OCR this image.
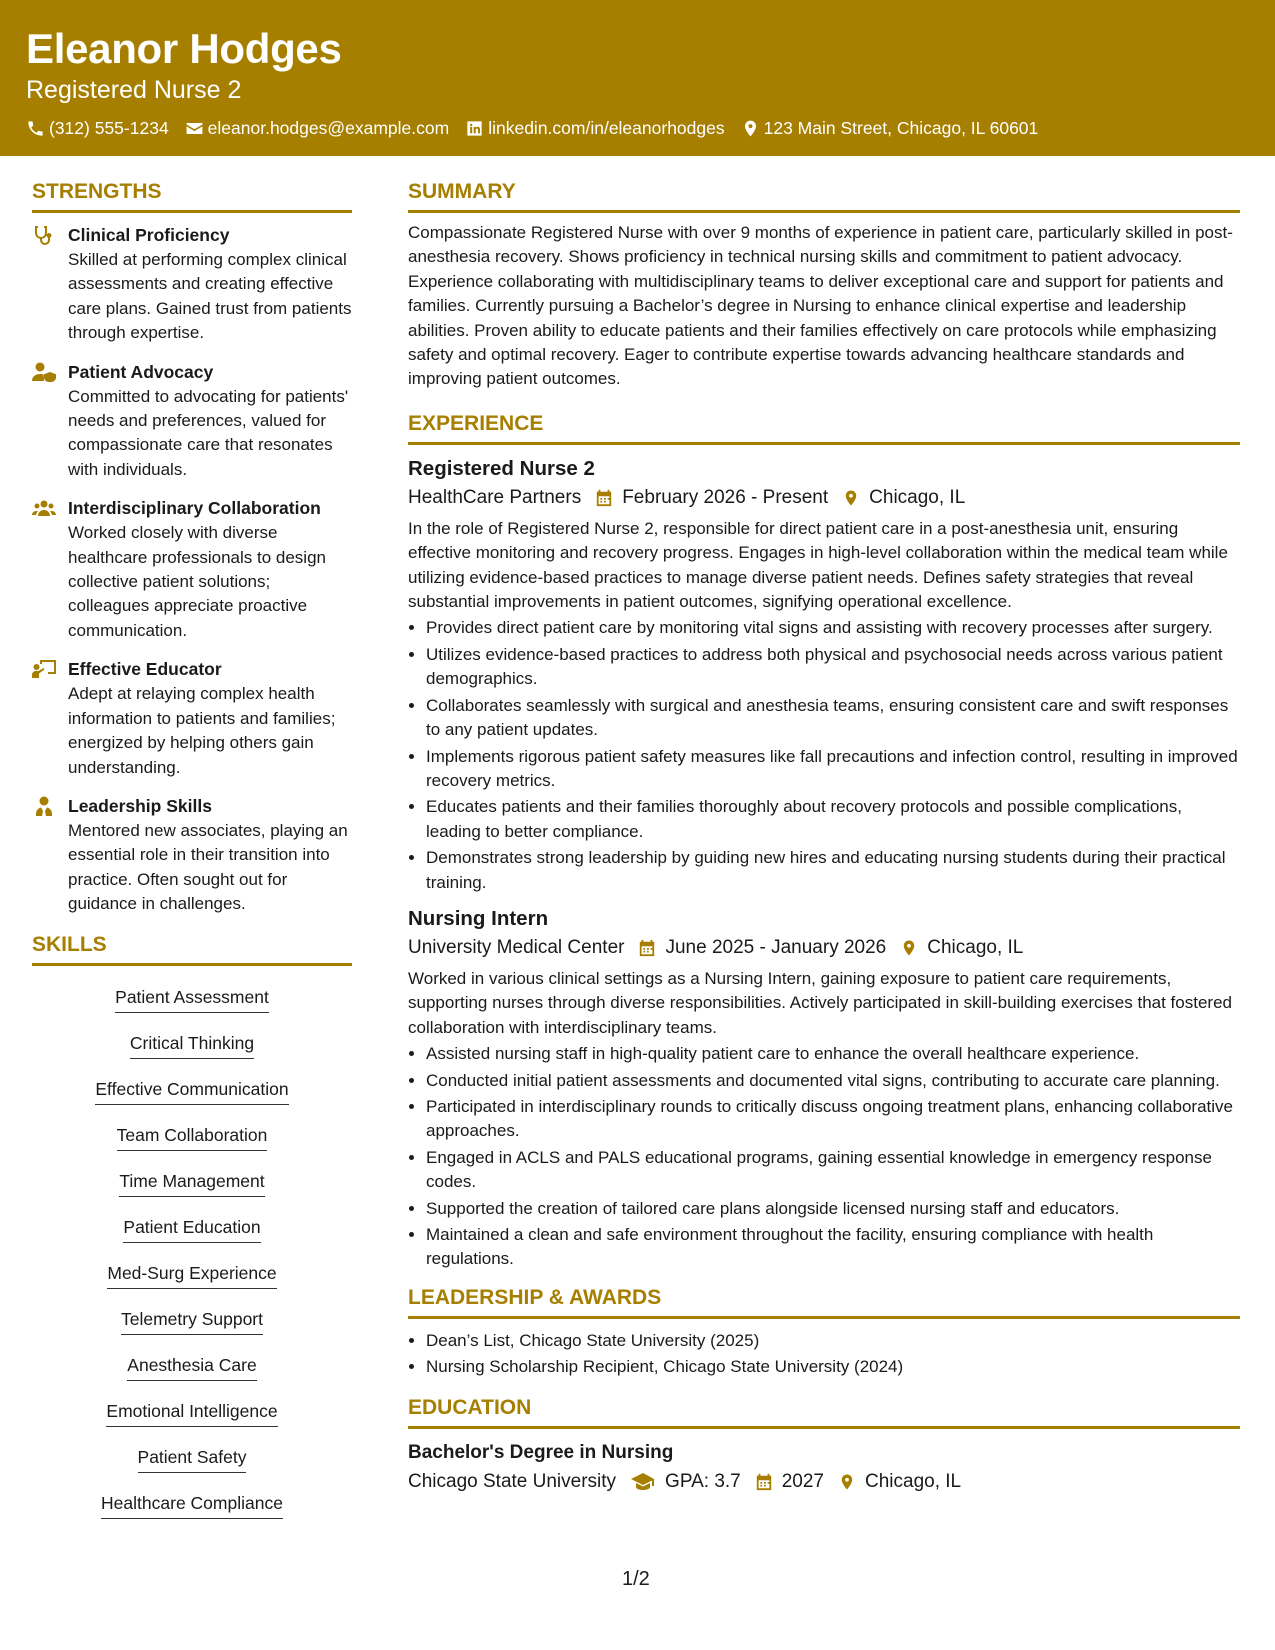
Eleanor Hodges
Registered Nurse 2
(312) 555-1234 eleanor.hodges@example.com linkedin.com/in/eleanorhodges 123 Main Street, Chicago, IL 60601
STRENGTHS
Clinical Proficiency
Skilled at performing complex clinical assessments and creating effective care plans. Gained trust from patients through expertise.
Patient Advocacy
Committed to advocating for patients' needs and preferences, valued for compassionate care that resonates with individuals.
Interdisciplinary Collaboration
Worked closely with diverse healthcare professionals to design collective patient solutions; colleagues appreciate proactive communication.
Effective Educator
Adept at relaying complex health information to patients and families; energized by helping others gain understanding.
Leadership Skills
Mentored new associates, playing an essential role in their transition into practice. Often sought out for guidance in challenges.
SKILLS
Patient Assessment
Critical Thinking
Effective Communication
Team Collaboration
Time Management
Patient Education
Med-Surg Experience
Telemetry Support
Anesthesia Care
Emotional Intelligence
Patient Safety
Healthcare Compliance
SUMMARY
Compassionate Registered Nurse with over 9 months of experience in patient care, particularly skilled in post-anesthesia recovery. Shows proficiency in technical nursing skills and commitment to patient advocacy. Experience collaborating with multidisciplinary teams to deliver exceptional care and support for patients and families. Currently pursuing a Bachelor’s degree in Nursing to enhance clinical expertise and leadership abilities. Proven ability to educate patients and their families effectively on care protocols while emphasizing safety and optimal recovery. Eager to contribute expertise towards advancing healthcare standards and improving patient outcomes.
EXPERIENCE
Registered Nurse 2
HealthCare Partners February 2026 - Present Chicago, IL
In the role of Registered Nurse 2, responsible for direct patient care in a post-anesthesia unit, ensuring effective monitoring and recovery progress. Engages in high-level collaboration within the medical team while utilizing evidence-based practices to manage diverse patient needs. Defines safety strategies that reveal substantial improvements in patient outcomes, signifying operational excellence.
• Provides direct patient care by monitoring vital signs and assisting with recovery processes after surgery.
• Utilizes evidence-based practices to address both physical and psychosocial needs across various patient demographics.
• Collaborates seamlessly with surgical and anesthesia teams, ensuring consistent care and swift responses to any patient updates.
• Implements rigorous patient safety measures like fall precautions and infection control, resulting in improved recovery metrics.
• Educates patients and their families thoroughly about recovery protocols and possible complications, leading to better compliance.
• Demonstrates strong leadership by guiding new hires and educating nursing students during their practical training.
Nursing Intern
University Medical Center June 2025 - January 2026 Chicago, IL
Worked in various clinical settings as a Nursing Intern, gaining exposure to patient care requirements, supporting nurses through diverse responsibilities. Actively participated in skill-building exercises that fostered collaboration with interdisciplinary teams.
• Assisted nursing staff in high-quality patient care to enhance the overall healthcare experience.
• Conducted initial patient assessments and documented vital signs, contributing to accurate care planning.
• Participated in interdisciplinary rounds to critically discuss ongoing treatment plans, enhancing collaborative approaches.
• Engaged in ACLS and PALS educational programs, gaining essential knowledge in emergency response codes.
• Supported the creation of tailored care plans alongside licensed nursing staff and educators.
• Maintained a clean and safe environment throughout the facility, ensuring compliance with health regulations.
LEADERSHIP & AWARDS
• Dean’s List, Chicago State University (2025)
• Nursing Scholarship Recipient, Chicago State University (2024)
EDUCATION
Bachelor's Degree in Nursing
Chicago State University	GPA: 3.7 2027 Chicago, IL
1/2
